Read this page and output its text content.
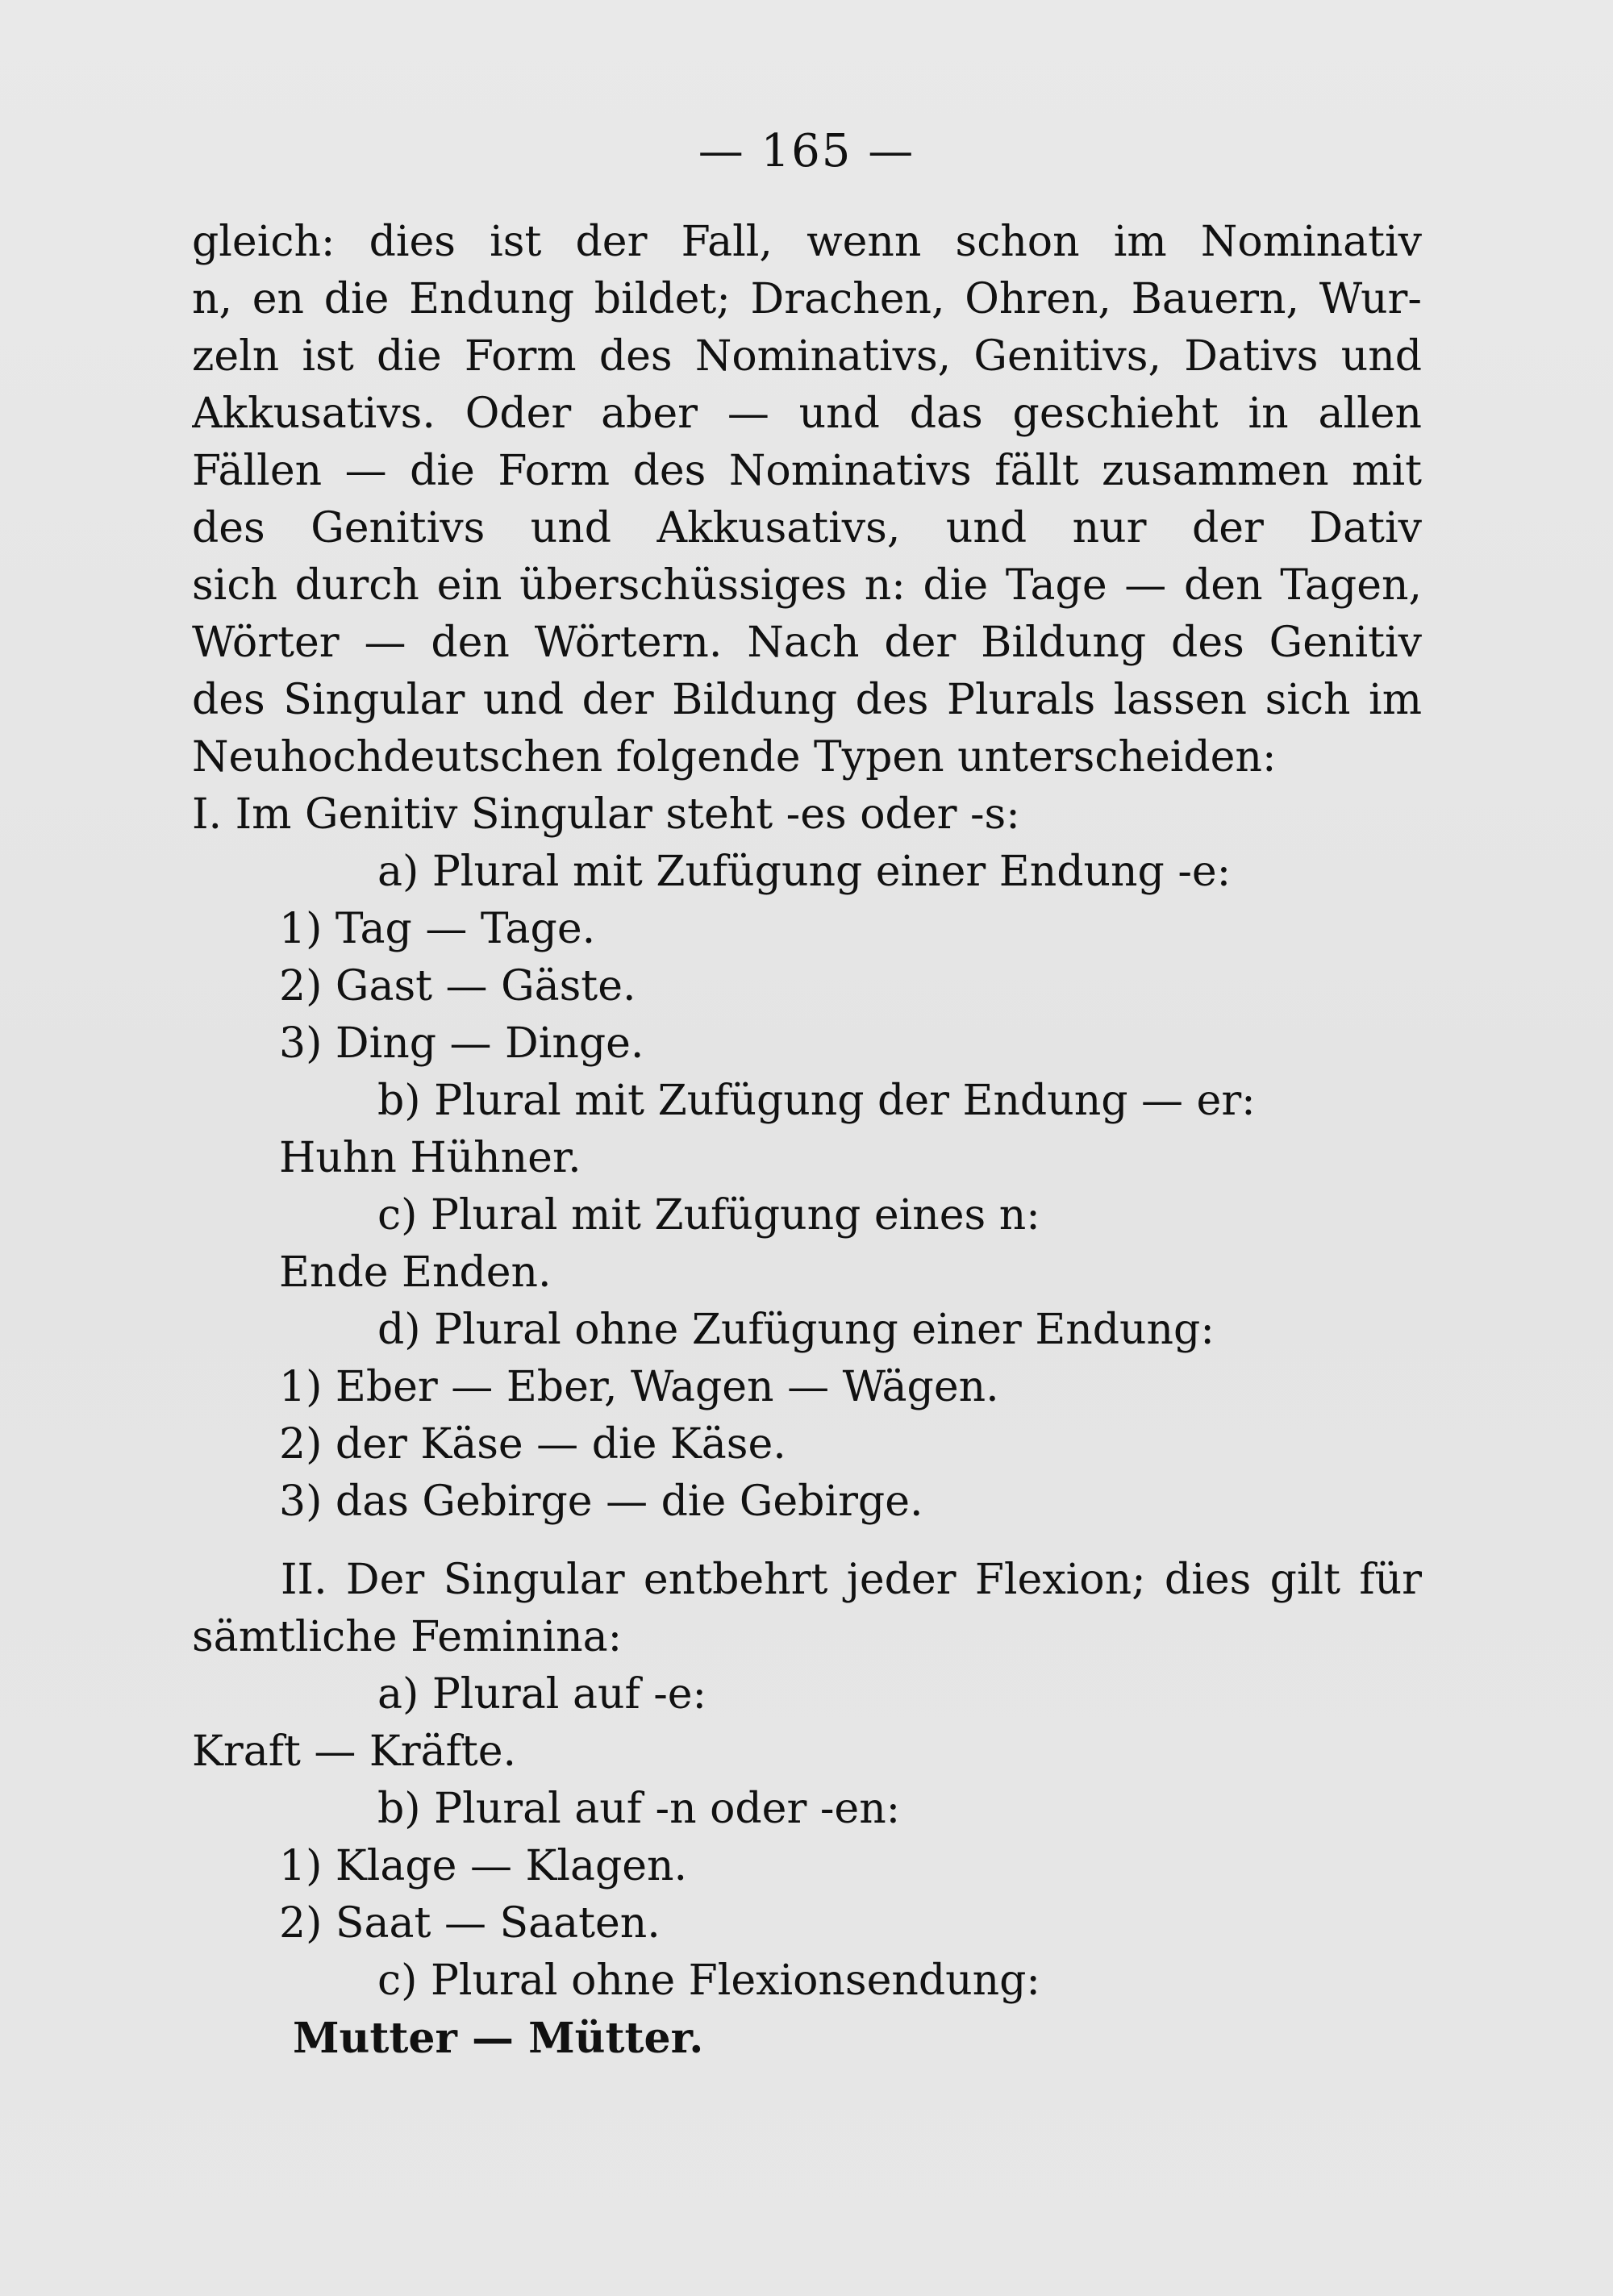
— 165 —
gleich: dies ist der Fall, wenn schon im Nominativ
n, en die Endung bildet; Drachen, Ohren, Bauern, Wur-
zeln ist die Form des Nominativs, Genitivs, Dativs und
Akkusativs. Oder aber — und das geschieht in allen
Fällen — die Form des Nominativs fällt zusammen mit
des Genitivs und Akkusativs, und nur der Dativ
sich durch ein überschüssiges n: die Tage — den Tagen,
Wörter — den Wörtern. Nach der Bildung des Genitiv
des Singular und der Bildung des Plurals lassen sich im
Neuhochdeutschen folgende Typen unterscheiden:
I. Im Genitiv Singular steht -es oder -s:
a) Plural mit Zufügung einer Endung -e:
1) Tag — Tage.
2) Gast — Gäste.
3) Ding — Dinge.
b) Plural mit Zufügung der Endung — er:
Huhn Hühner.
c) Plural mit Zufügung eines n:
Ende Enden.
d) Plural ohne Zufügung einer Endung:
1) Eber — Eber, Wagen — Wägen.
2) der Käse — die Käse.
3) das Gebirge — die Gebirge.
II. Der Singular entbehrt jeder Flexion; dies gilt für
sämtliche Feminina:
a) Plural auf -e:
Kraft — Kräfte.
b) Plural auf -n oder -en:
1) Klage — Klagen.
2) Saat — Saaten.
c) Plural ohne Flexionsendung:
Mutter — Mütter.
